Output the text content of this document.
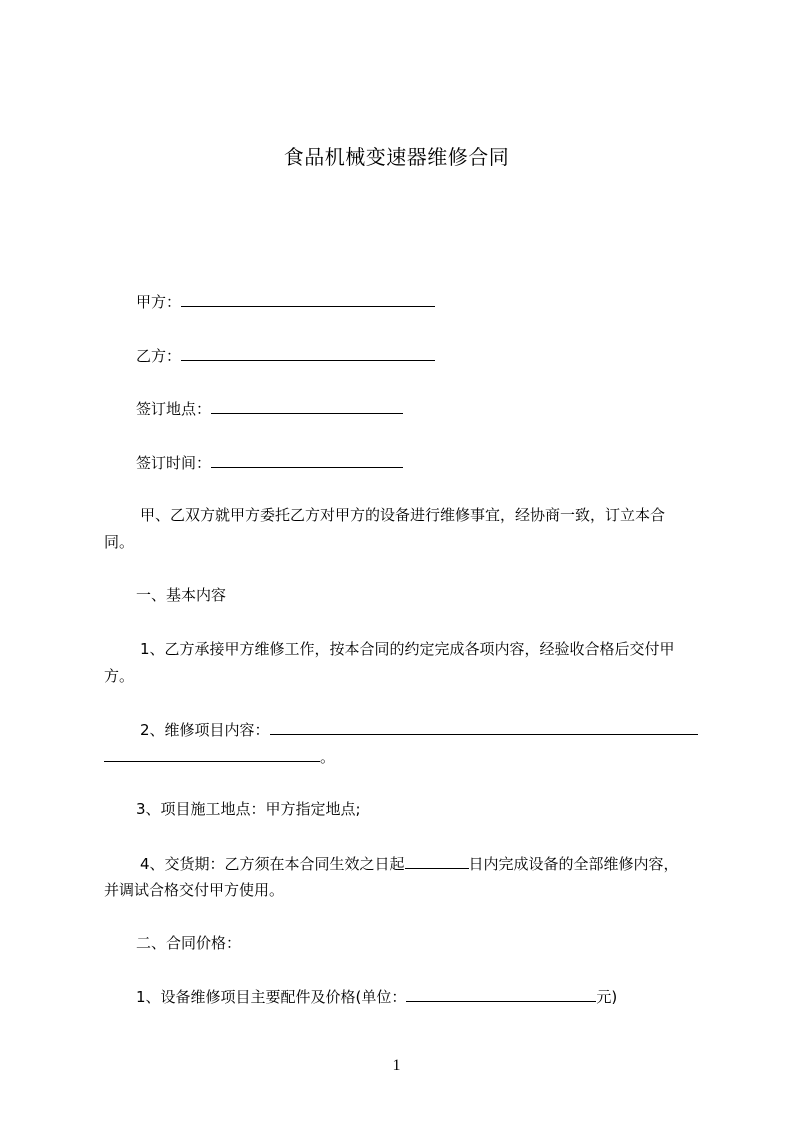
食品机械变速器维修合同
甲方：
乙方：
签订地点：
签订时间：
甲、乙双方就甲方委托乙方对甲方的设备进行维修事宜，经协商一致，订立本合
同。
一、基本内容
1、乙方承接甲方维修工作，按本合同的约定完成各项内容，经验收合格后交付甲
方。
2、维修项目内容：
。
3、项目施工地点：甲方指定地点;
4、交货期：乙方须在本合同生效之日起	日内完成设备的全部维修内容，
并调试合格交付甲方使用。
二、合同价格：
1、设备维修项目主要配件及价格(单位：	元)
1
